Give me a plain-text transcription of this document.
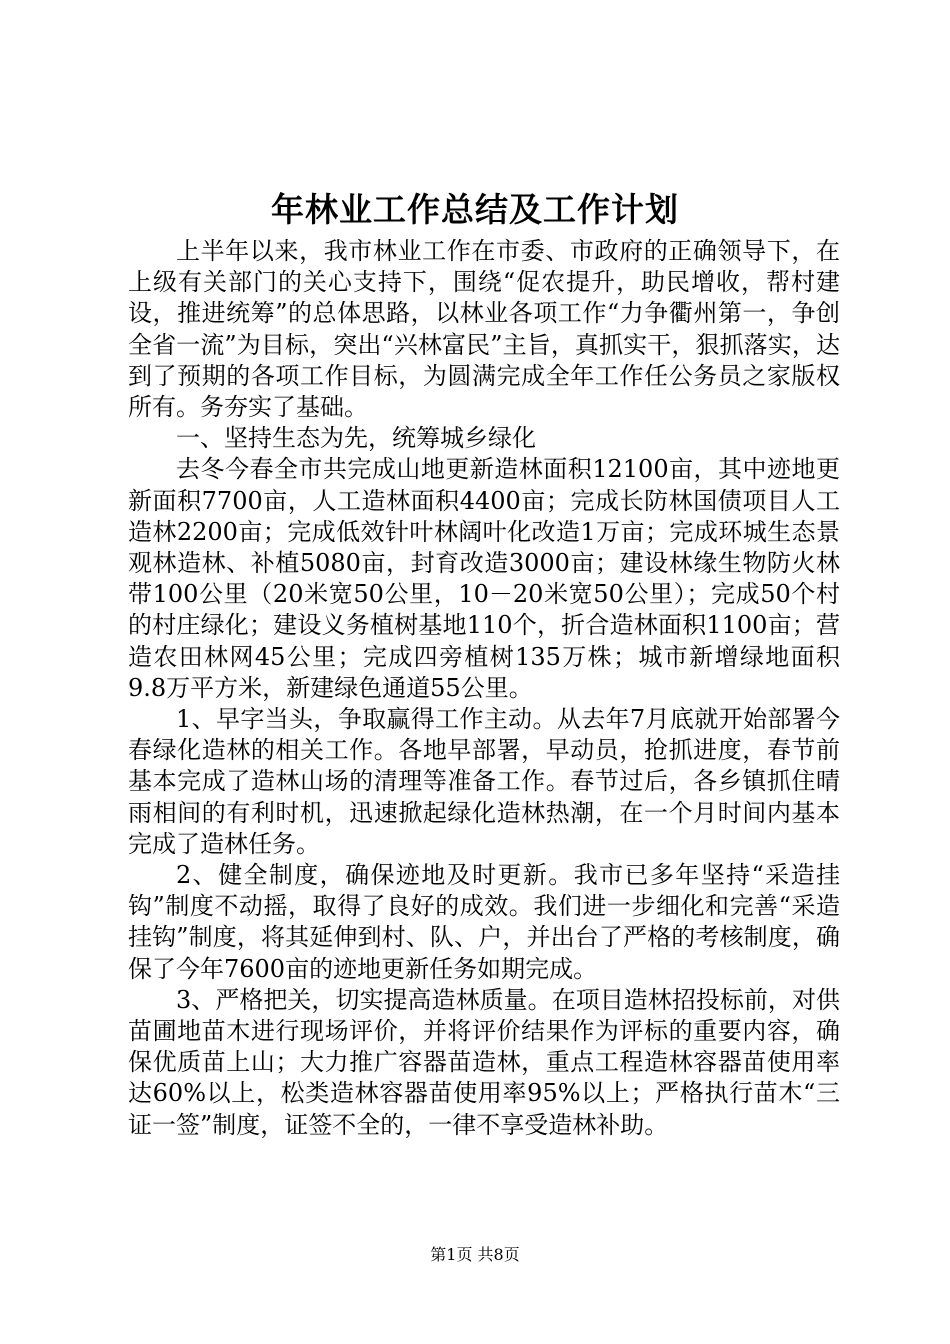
年林业工作总结及工作计划

上半年以来，我市林业工作在市委、市政府的正确领导下，在上级有关部门的关心支持下，围绕“促农提升，助民增收，帮村建设，推进统筹”的总体思路，以林业各项工作“力争衢州第一，争创全省一流”为目标，突出“兴林富民”主旨，真抓实干，狠抓落实，达到了预期的各项工作目标，为圆满完成全年工作任公务员之家版权所有。务夯实了基础。

一、坚持生态为先，统筹城乡绿化

去冬今春全市共完成山地更新造林面积12100亩，其中迹地更新面积7700亩，人工造林面积4400亩；完成长防林国债项目人工造林2200亩；完成低效针叶林阔叶化改造1万亩；完成环城生态景观林造林、补植5080亩，封育改造3000亩；建设林缘生物防火林带100公里（20米宽50公里，10－20米宽50公里）；完成50个村的村庄绿化；建设义务植树基地110个，折合造林面积1100亩；营造农田林网45公里；完成四旁植树135万株；城市新增绿地面积9.8万平方米，新建绿色通道55公里。

1、早字当头，争取赢得工作主动。从去年7月底就开始部署今春绿化造林的相关工作。各地早部署，早动员，抢抓进度，春节前基本完成了造林山场的清理等准备工作。春节过后，各乡镇抓住晴雨相间的有利时机，迅速掀起绿化造林热潮，在一个月时间内基本完成了造林任务。

2、健全制度，确保迹地及时更新。我市已多年坚持“采造挂钩”制度不动摇，取得了良好的成效。我们进一步细化和完善“采造挂钩”制度，将其延伸到村、队、户，并出台了严格的考核制度，确保了今年7600亩的迹地更新任务如期完成。

3、严格把关，切实提高造林质量。在项目造林招投标前，对供苗圃地苗木进行现场评价，并将评价结果作为评标的重要内容，确保优质苗上山；大力推广容器苗造林，重点工程造林容器苗使用率达60%以上，松类造林容器苗使用率95%以上；严格执行苗木“三证一签”制度，证签不全的，一律不享受造林补助。

第1页 共8页
